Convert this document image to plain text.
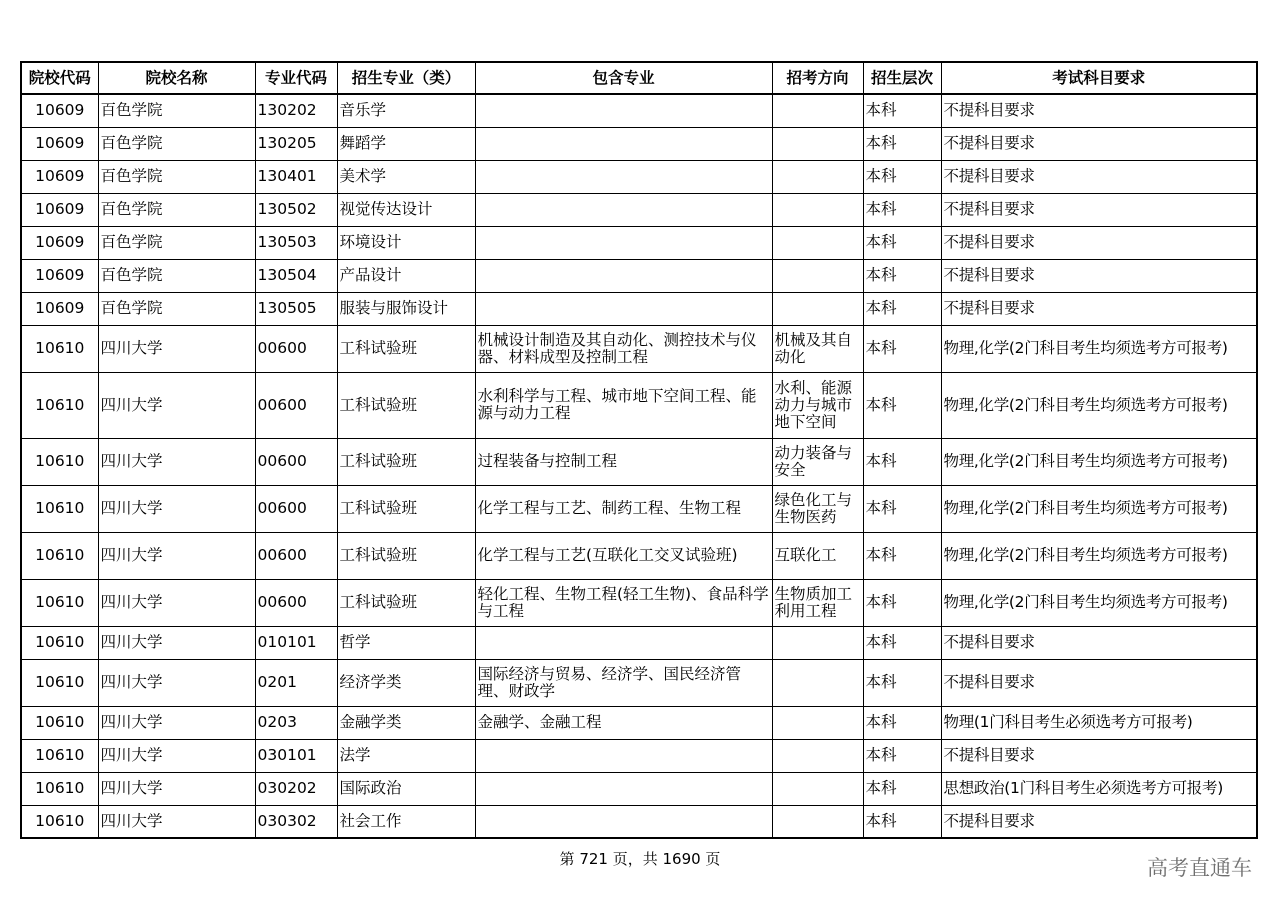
院校代码	院校名称	专业代码	招生专业（类）	包含专业	招考方向	招生层次	考试科目要求
10609	百色学院	130202	音乐学			本科	不提科目要求
10609	百色学院	130205	舞蹈学			本科	不提科目要求
10609	百色学院	130401	美术学			本科	不提科目要求
10609	百色学院	130502	视觉传达设计			本科	不提科目要求
10609	百色学院	130503	环境设计			本科	不提科目要求
10609	百色学院	130504	产品设计			本科	不提科目要求
10609	百色学院	130505	服装与服饰设计			本科	不提科目要求
10610	四川大学	00600	工科试验班	机械设计制造及其自动化、测控技术与仪器、材料成型及控制工程	机械及其自动化	本科	物理,化学(2门科目考生均须选考方可报考)
10610	四川大学	00600	工科试验班	水利科学与工程、城市地下空间工程、能源与动力工程	水利、能源动力与城市地下空间	本科	物理,化学(2门科目考生均须选考方可报考)
10610	四川大学	00600	工科试验班	过程装备与控制工程	动力装备与安全	本科	物理,化学(2门科目考生均须选考方可报考)
10610	四川大学	00600	工科试验班	化学工程与工艺、制药工程、生物工程	绿色化工与生物医药	本科	物理,化学(2门科目考生均须选考方可报考)
10610	四川大学	00600	工科试验班	化学工程与工艺(互联化工交叉试验班)	互联化工	本科	物理,化学(2门科目考生均须选考方可报考)
10610	四川大学	00600	工科试验班	轻化工程、生物工程(轻工生物)、食品科学与工程	生物质加工利用工程	本科	物理,化学(2门科目考生均须选考方可报考)
10610	四川大学	010101	哲学			本科	不提科目要求
10610	四川大学	0201	经济学类	国际经济与贸易、经济学、国民经济管理、财政学		本科	不提科目要求
10610	四川大学	0203	金融学类	金融学、金融工程		本科	物理(1门科目考生必须选考方可报考)
10610	四川大学	030101	法学			本科	不提科目要求
10610	四川大学	030202	国际政治			本科	思想政治(1门科目考生必须选考方可报考)
10610	四川大学	030302	社会工作			本科	不提科目要求
第 721 页，共 1690 页	高考直通车
